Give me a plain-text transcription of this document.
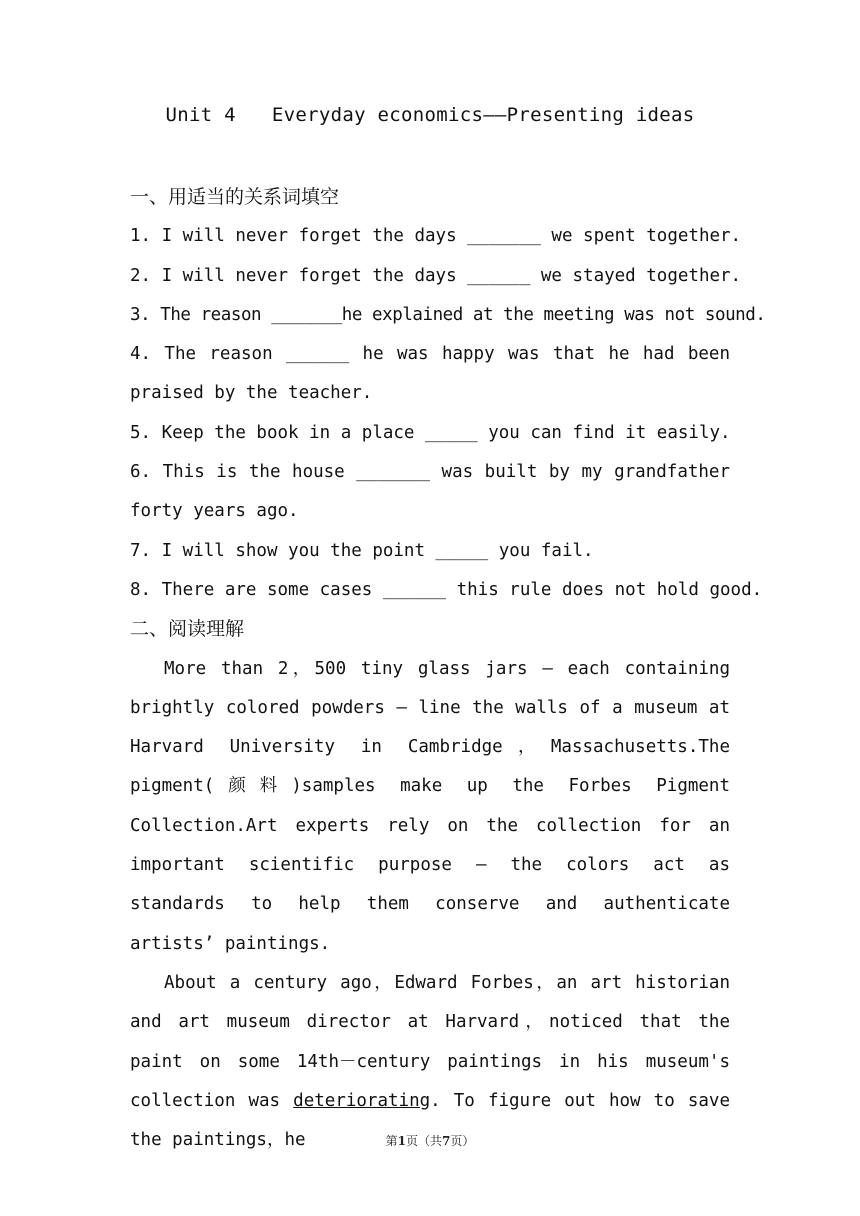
Unit 4 Everyday economics——Presenting ideas

一、用适当的关系词填空

1. I will never forget the days _______ we spent together.

2. I will never forget the days ______ we stayed together.

3. The reason _______he explained at the meeting was not sound.

4. The reason ______ he was happy was that he had been praised by the teacher.

5. Keep the book in a place _____ you can find it easily.

6. This is the house _______ was built by my grandfather forty years ago.

7. I will show you the point _____ you fail.

8. There are some cases ______ this rule does not hold good.

二、阅读理解

More than 2，500 tiny glass jars — each containing brightly colored powders — line the walls of a museum at Harvard University in Cambridge，Massachusetts.The pigment(颜料)samples make up the Forbes Pigment Collection.Art experts rely on the collection for an important scientific purpose — the colors act as standards to help them conserve and authenticate artists’ paintings.

About a century ago，Edward Forbes，an art historian and art museum director at Harvard，noticed that the paint on some 14th－century paintings in his museum's collection was deteriorating. To figure out how to save the paintings，he	第1页（共7页）
